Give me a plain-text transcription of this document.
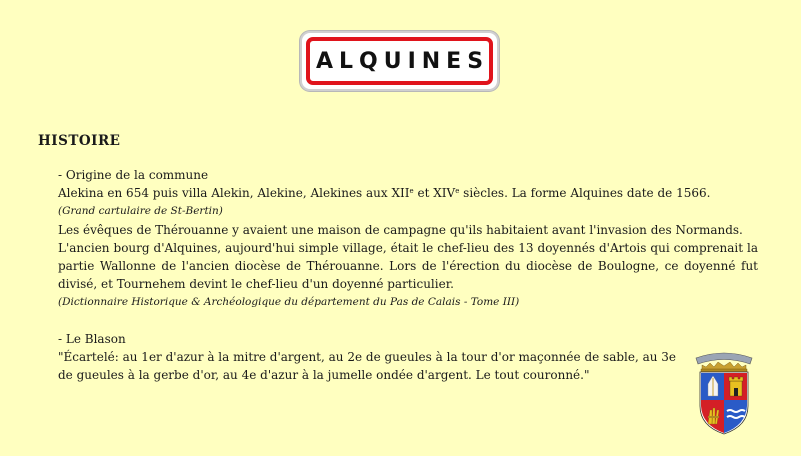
ALQUINES
HISTOIRE

- Origine de la commune

Alekina en 654 puis villa Alekin, Alekine, Alekines aux XIIe et XIVe siècles. La forme Alquines date de 1566.

(Grand cartulaire de St-Bertin)

Les évêques de Thérouanne y avaient une maison de campagne qu'ils habitaient avant l'invasion des Normands.

L'ancien bourg d'Alquines, aujourd'hui simple village, était le chef-lieu des 13 doyennés d'Artois qui comprenait la partie Wallonne de l'ancien diocèse de Thérouanne. Lors de l'érection du diocèse de Boulogne, ce doyenné fut divisé, et Tournehem devint le chef-lieu d'un doyenné particulier.

(Dictionnaire Historique & Archéologique du département du Pas de Calais - Tome III)

- Le Blason

"Écartelé: au 1er d'azur à la mitre d'argent, au 2e de gueules à la tour d'or maçonnée de sable, au 3e de gueules à la gerbe d'or, au 4e d'azur à la jumelle ondée d'argent. Le tout couronné."
